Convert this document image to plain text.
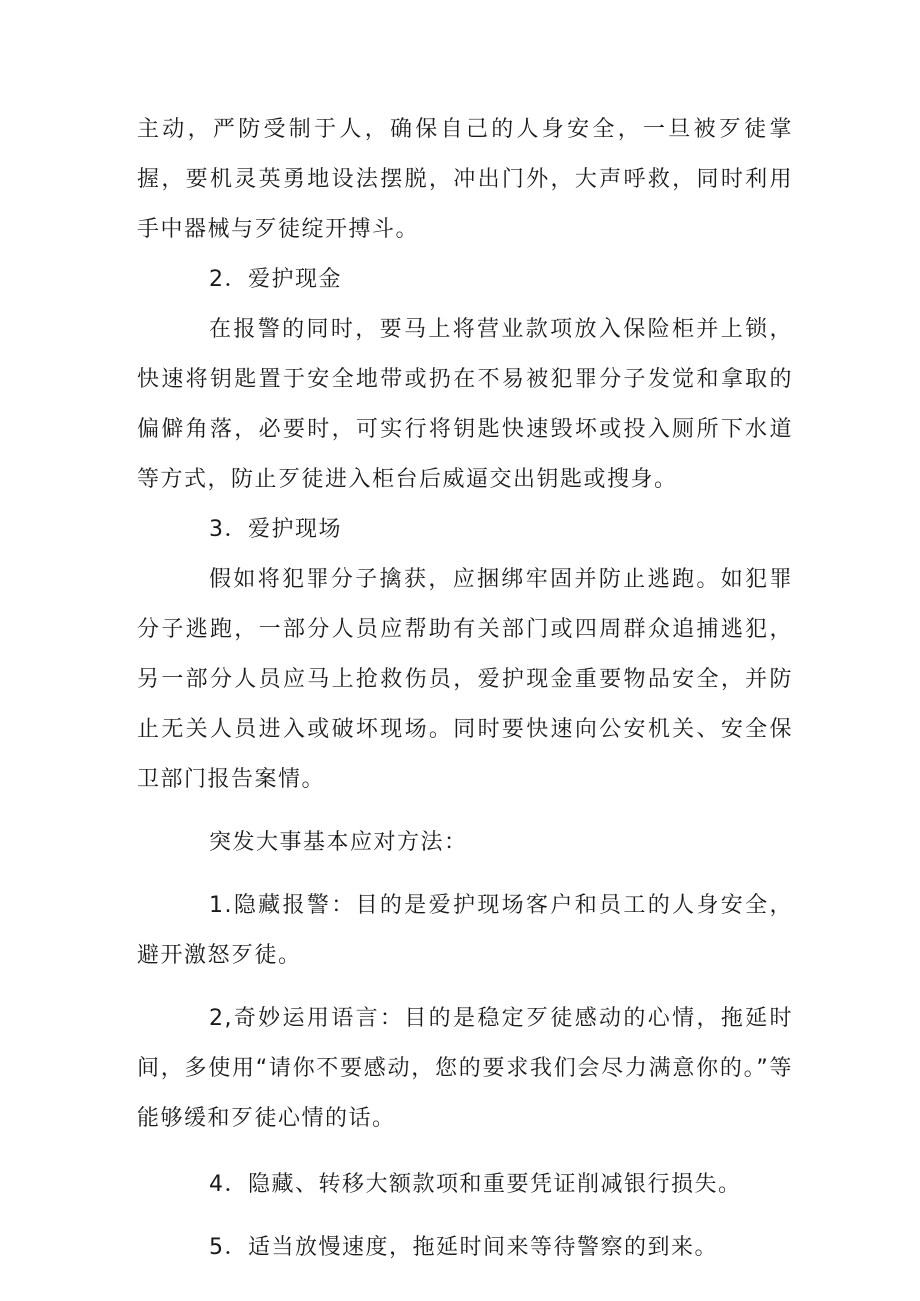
主动，严防受制于人，确保自己的人身安全，一旦被歹徒掌握，要机灵英勇地设法摆脱，冲出门外，大声呼救，同时利用手中器械与歹徒绽开搏斗。

2．爱护现金

在报警的同时，要马上将营业款项放入保险柜并上锁，快速将钥匙置于安全地带或扔在不易被犯罪分子发觉和拿取的偏僻角落，必要时，可实行将钥匙快速毁坏或投入厕所下水道等方式，防止歹徒进入柜台后威逼交出钥匙或搜身。

3．爱护现场

假如将犯罪分子擒获，应捆绑牢固并防止逃跑。如犯罪分子逃跑，一部分人员应帮助有关部门或四周群众追捕逃犯，另一部分人员应马上抢救伤员，爱护现金重要物品安全，并防止无关人员进入或破坏现场。同时要快速向公安机关、安全保卫部门报告案情。

突发大事基本应对方法：

1.隐藏报警：目的是爱护现场客户和员工的人身安全，避开激怒歹徒。

2,奇妙运用语言：目的是稳定歹徒感动的心情，拖延时间，多使用“请你不要感动，您的要求我们会尽力满意你的。”等能够缓和歹徒心情的话。

4．隐藏、转移大额款项和重要凭证削减银行损失。

5．适当放慢速度，拖延时间来等待警察的到来。
